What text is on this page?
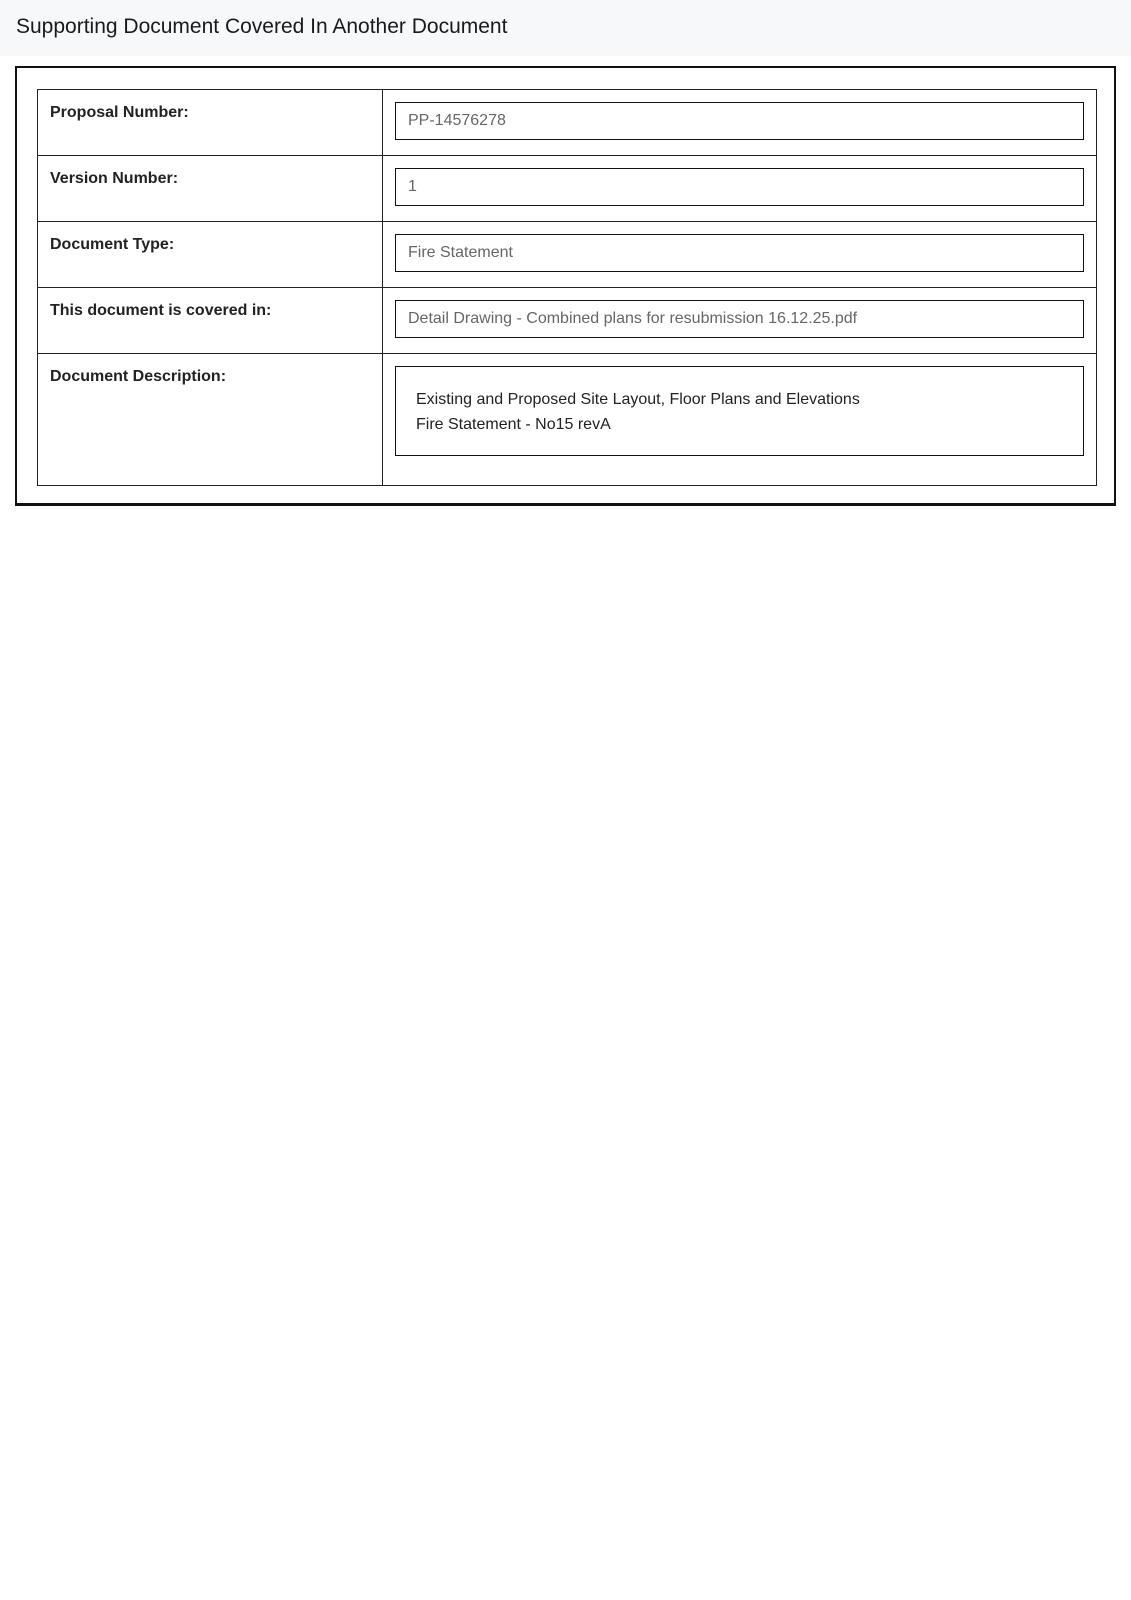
Supporting Document Covered In Another Document
Proposal Number:	PP-14576278

Version Number:	1

Document Type:	Fire Statement

This document is covered in:	Detail Drawing - Combined plans for resubmission 16.12.25.pdf

Document Description:	Existing and Proposed Site Layout, Floor Plans and Elevations
Fire Statement - No15 revA
